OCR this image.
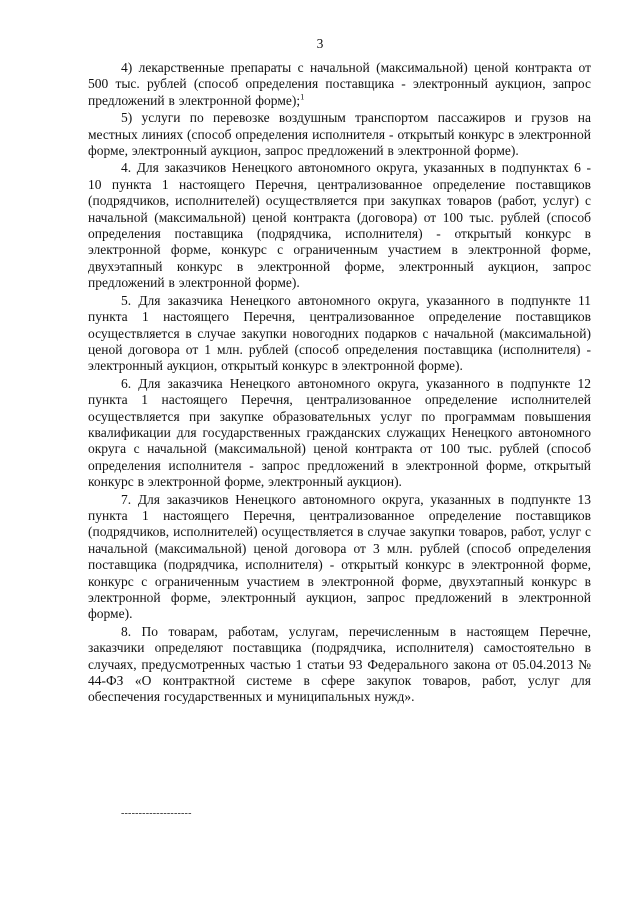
3

4) лекарственные препараты с начальной (максимальной) ценой контракта от 500 тыс. рублей (способ определения поставщика - электронный аукцион, запрос предложений в электронной форме);$^1$

5) услуги по перевозке воздушным транспортом пассажиров и грузов на местных линиях (способ определения исполнителя - открытый конкурс в электронной форме, электронный аукцион, запрос предложений в электронной форме).

4. Для заказчиков Ненецкого автономного округа, указанных в подпунктах 6 - 10 пункта 1 настоящего Перечня, централизованное определение поставщиков (подрядчиков, исполнителей) осуществляется при закупках товаров (работ, услуг) с начальной (максимальной) ценой контракта (договора) от 100 тыс. рублей (способ определения поставщика (подрядчика, исполнителя) - открытый конкурс в электронной форме, конкурс с ограниченным участием в электронной форме, двухэтапный конкурс в электронной форме, электронный аукцион, запрос предложений в электронной форме).

5. Для заказчика Ненецкого автономного округа, указанного в подпункте 11 пункта 1 настоящего Перечня, централизованное определение поставщиков осуществляется в случае закупки новогодних подарков с начальной (максимальной) ценой договора от 1 млн. рублей (способ определения поставщика (исполнителя) - электронный аукцион, открытый конкурс в электронной форме).

6. Для заказчика Ненецкого автономного округа, указанного в подпункте 12 пункта 1 настоящего Перечня, централизованное определение исполнителей осуществляется при закупке образовательных услуг по программам повышения квалификации для государственных гражданских служащих Ненецкого автономного округа с начальной (максимальной) ценой контракта от 100 тыс. рублей (способ определения исполнителя - запрос предложений в электронной форме, открытый конкурс в электронной форме, электронный аукцион).

7. Для заказчиков Ненецкого автономного округа, указанных в подпункте 13 пункта 1 настоящего Перечня, централизованное определение поставщиков (подрядчиков, исполнителей) осуществляется в случае закупки товаров, работ, услуг с начальной (максимальной) ценой договора от 3 млн. рублей (способ определения поставщика (подрядчика, исполнителя) - открытый конкурс в электронной форме, конкурс с ограниченным участием в электронной форме, двухэтапный конкурс в электронной форме, электронный аукцион, запрос предложений в электронной форме).

8. По товарам, работам, услугам, перечисленным в настоящем Перечне, заказчики определяют поставщика (подрядчика, исполнителя) самостоятельно в случаях, предусмотренных частью 1 статьи 93 Федерального закона от 05.04.2013 № 44-ФЗ «О контрактной системе в сфере закупок товаров, работ, услуг для обеспечения государственных и муниципальных нужд».

--------------------
